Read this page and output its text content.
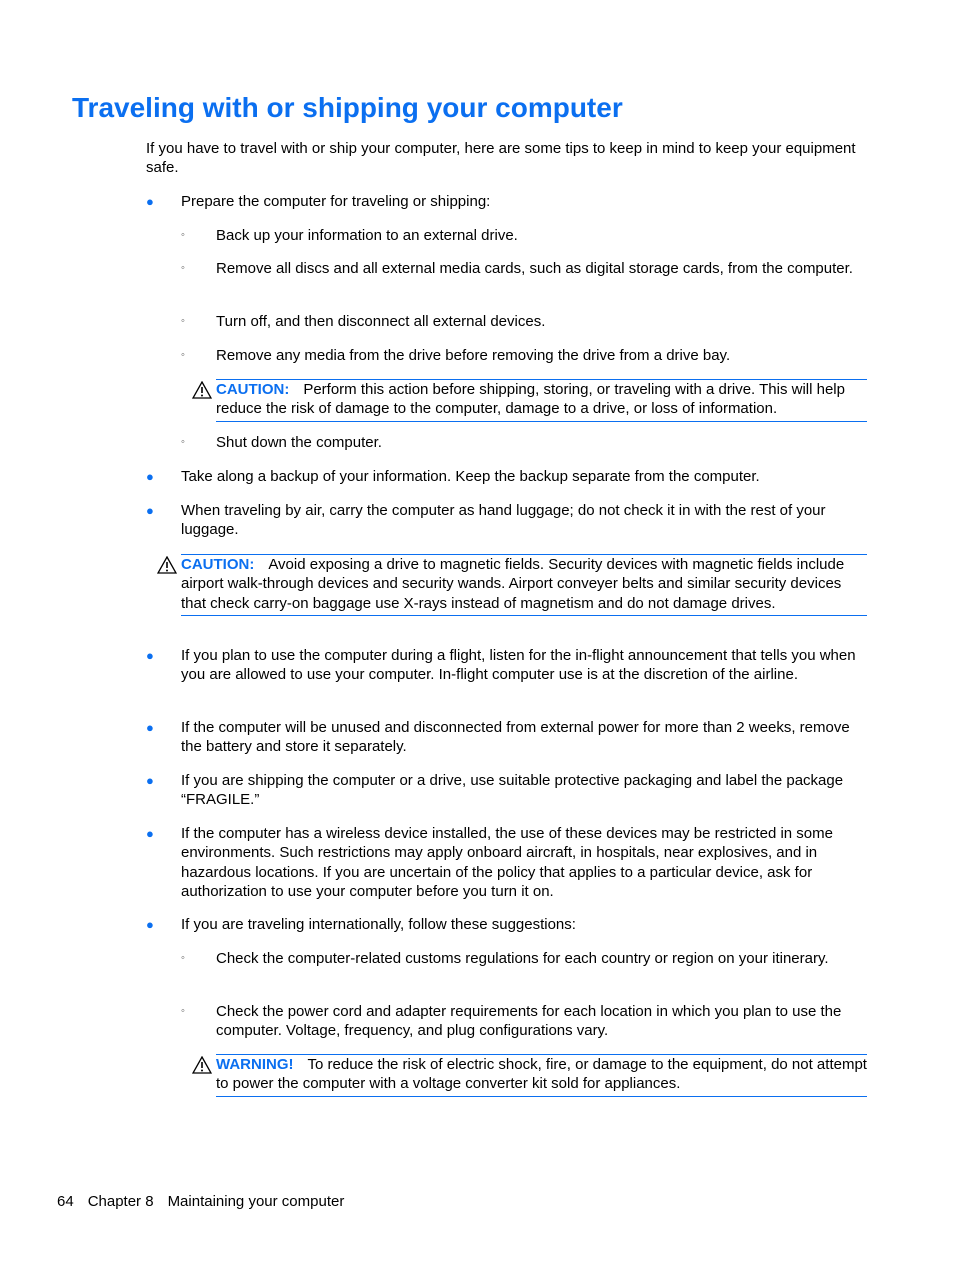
Traveling with or shipping your computer

If you have to travel with or ship your computer, here are some tips to keep in mind to keep your equipment safe.

● Prepare the computer for traveling or shipping:
◦ Back up your information to an external drive.
◦ Remove all discs and all external media cards, such as digital storage cards, from the computer.
◦ Turn off, and then disconnect all external devices.
◦ Remove any media from the drive before removing the drive from a drive bay.
CAUTION: Perform this action before shipping, storing, or traveling with a drive. This will help reduce the risk of damage to the computer, damage to a drive, or loss of information.
◦ Shut down the computer.
● Take along a backup of your information. Keep the backup separate from the computer.
● When traveling by air, carry the computer as hand luggage; do not check it in with the rest of your luggage.
CAUTION: Avoid exposing a drive to magnetic fields. Security devices with magnetic fields include airport walk-through devices and security wands. Airport conveyer belts and similar security devices that check carry-on baggage use X-rays instead of magnetism and do not damage drives.
● If you plan to use the computer during a flight, listen for the in-flight announcement that tells you when you are allowed to use your computer. In-flight computer use is at the discretion of the airline.
● If the computer will be unused and disconnected from external power for more than 2 weeks, remove the battery and store it separately.
● If you are shipping the computer or a drive, use suitable protective packaging and label the package “FRAGILE.”
● If the computer has a wireless device installed, the use of these devices may be restricted in some environments. Such restrictions may apply onboard aircraft, in hospitals, near explosives, and in hazardous locations. If you are uncertain of the policy that applies to a particular device, ask for authorization to use your computer before you turn it on.
● If you are traveling internationally, follow these suggestions:
◦ Check the computer-related customs regulations for each country or region on your itinerary.
◦ Check the power cord and adapter requirements for each location in which you plan to use the computer. Voltage, frequency, and plug configurations vary.
WARNING! To reduce the risk of electric shock, fire, or damage to the equipment, do not attempt to power the computer with a voltage converter kit sold for appliances.
64 Chapter 8 Maintaining your computer
